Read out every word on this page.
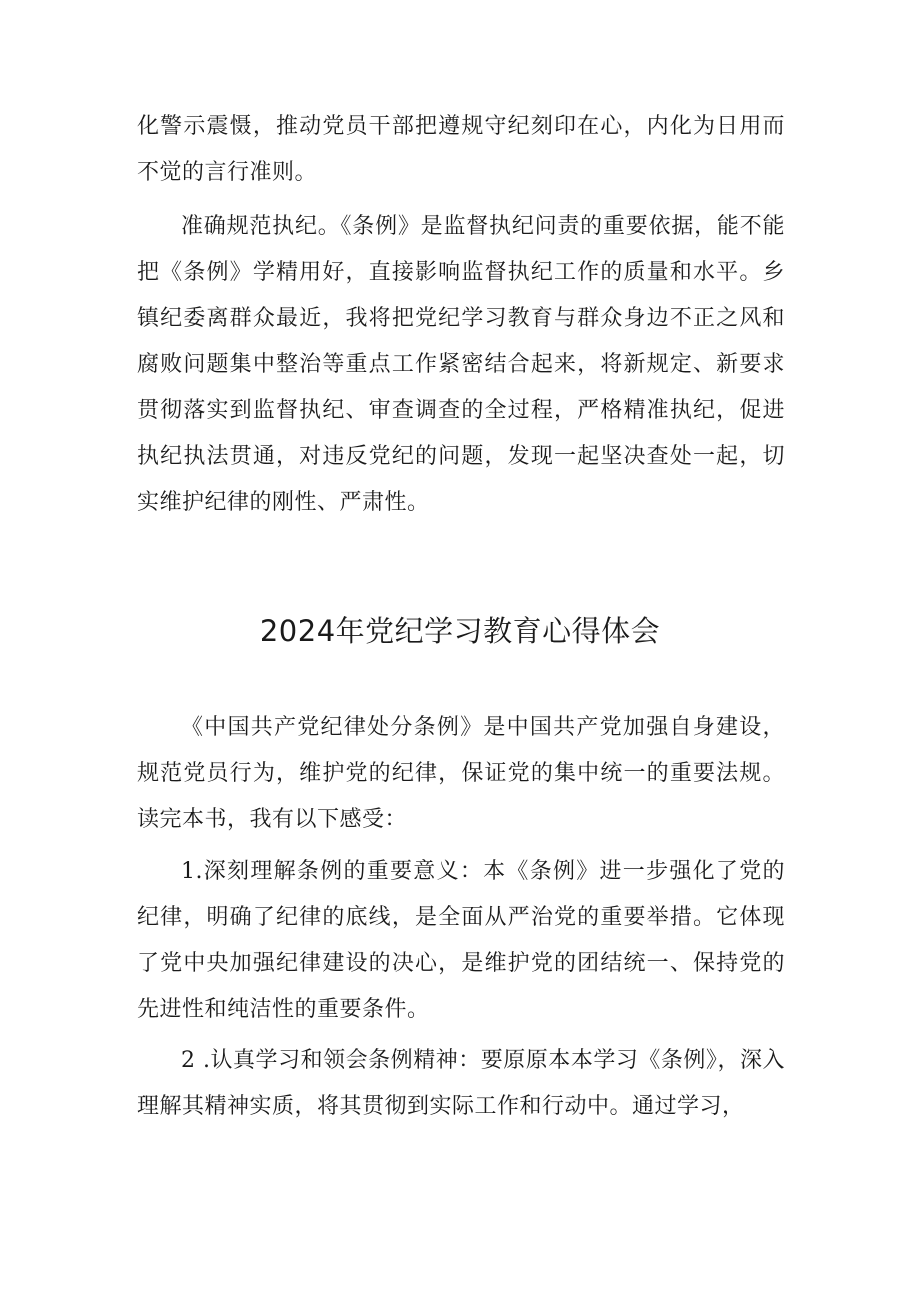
化警示震慑，推动党员干部把遵规守纪刻印在心，内化为日用而不觉的言行准则。

准确规范执纪。《条例》是监督执纪问责的重要依据，能不能把《条例》学精用好，直接影响监督执纪工作的质量和水平。乡镇纪委离群众最近，我将把党纪学习教育与群众身边不正之风和腐败问题集中整治等重点工作紧密结合起来，将新规定、新要求贯彻落实到监督执纪、审查调查的全过程，严格精准执纪，促进执纪执法贯通，对违反党纪的问题，发现一起坚决查处一起，切实维护纪律的刚性、严肃性。

2024年党纪学习教育心得体会

《中国共产党纪律处分条例》是中国共产党加强自身建设，规范党员行为，维护党的纪律，保证党的集中统一的重要法规。读完本书，我有以下感受：

1.深刻理解条例的重要意义：本《条例》进一步强化了党的纪律，明确了纪律的底线，是全面从严治党的重要举措。它体现了党中央加强纪律建设的决心，是维护党的团结统一、保持党的先进性和纯洁性的重要条件。

2 .认真学习和领会条例精神：要原原本本学习《条例》，深入理解其精神实质，将其贯彻到实际工作和行动中。通过学习，
